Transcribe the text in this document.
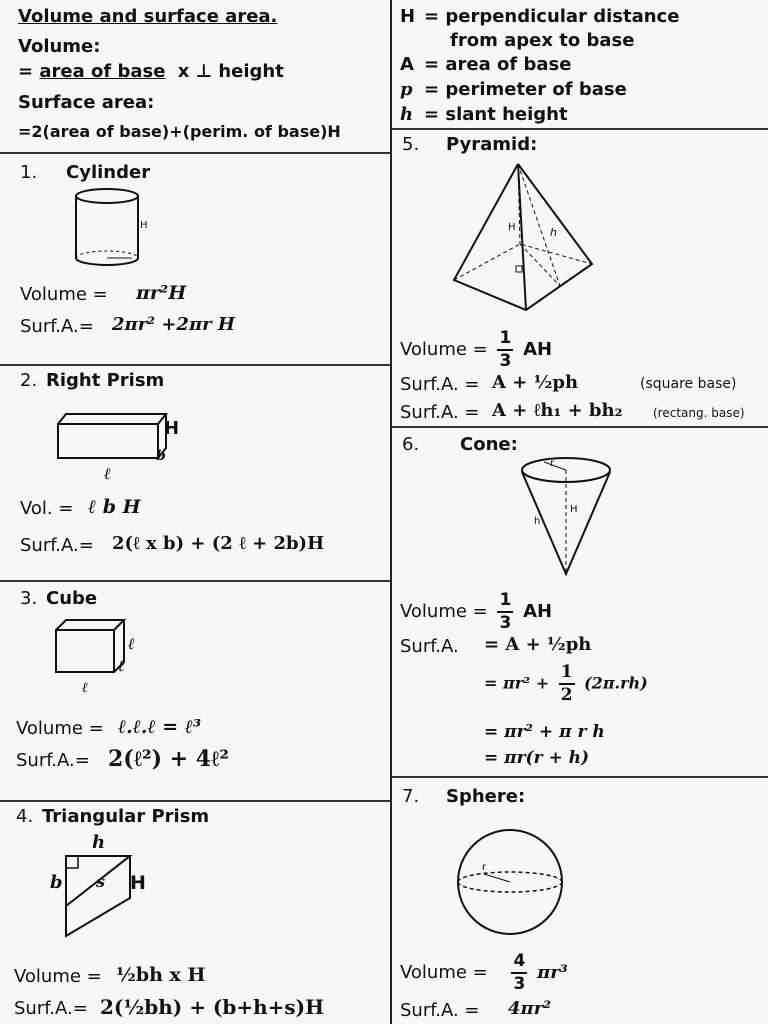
Volume and surface area.
Volume:
= area of base x ⊥ height
Surface area:
=2(area of base)+(perim. of base)H
H = perpendicular distance
from apex to base
A = area of base
p = perimeter of base
h = slant height
1. Cylinder
H
Volume = πr²H
Surf.A.= 2πr² +2πr H
2. Right Prism
H
ℓ
b
Vol. = ℓ b H
Surf.A.= 2(ℓ x b) + (2 ℓ + 2b)H
3. Cube
ℓ
ℓ
ℓ
Volume = ℓ.ℓ.ℓ = ℓ³
Surf.A.= 2(ℓ²) + 4ℓ²
4. Triangular Prism
h
b s H
Volume = ½bh x H
Surf.A.= 2(½bh) + (b+h+s)H
5. Pyramid:
H	h
Volume = $\frac{1}{3}$ AH
Surf.A. = A + ½ph	(square base)
Surf.A. = A + ℓh₁ + bh₂	(rectang. base)
6. Cone:
r
h
H
Volume = $\frac{1}{3}$ AH
Surf.A. = A + ½ph
= $\pi r^2 + \frac{1}{2} (2\pi.rh)$
= πr² + π r h
= πr(r + h)
7. Sphere:
r
Volume = $\frac{4}{3} \pi r^3$
Surf.A. = 4πr²
